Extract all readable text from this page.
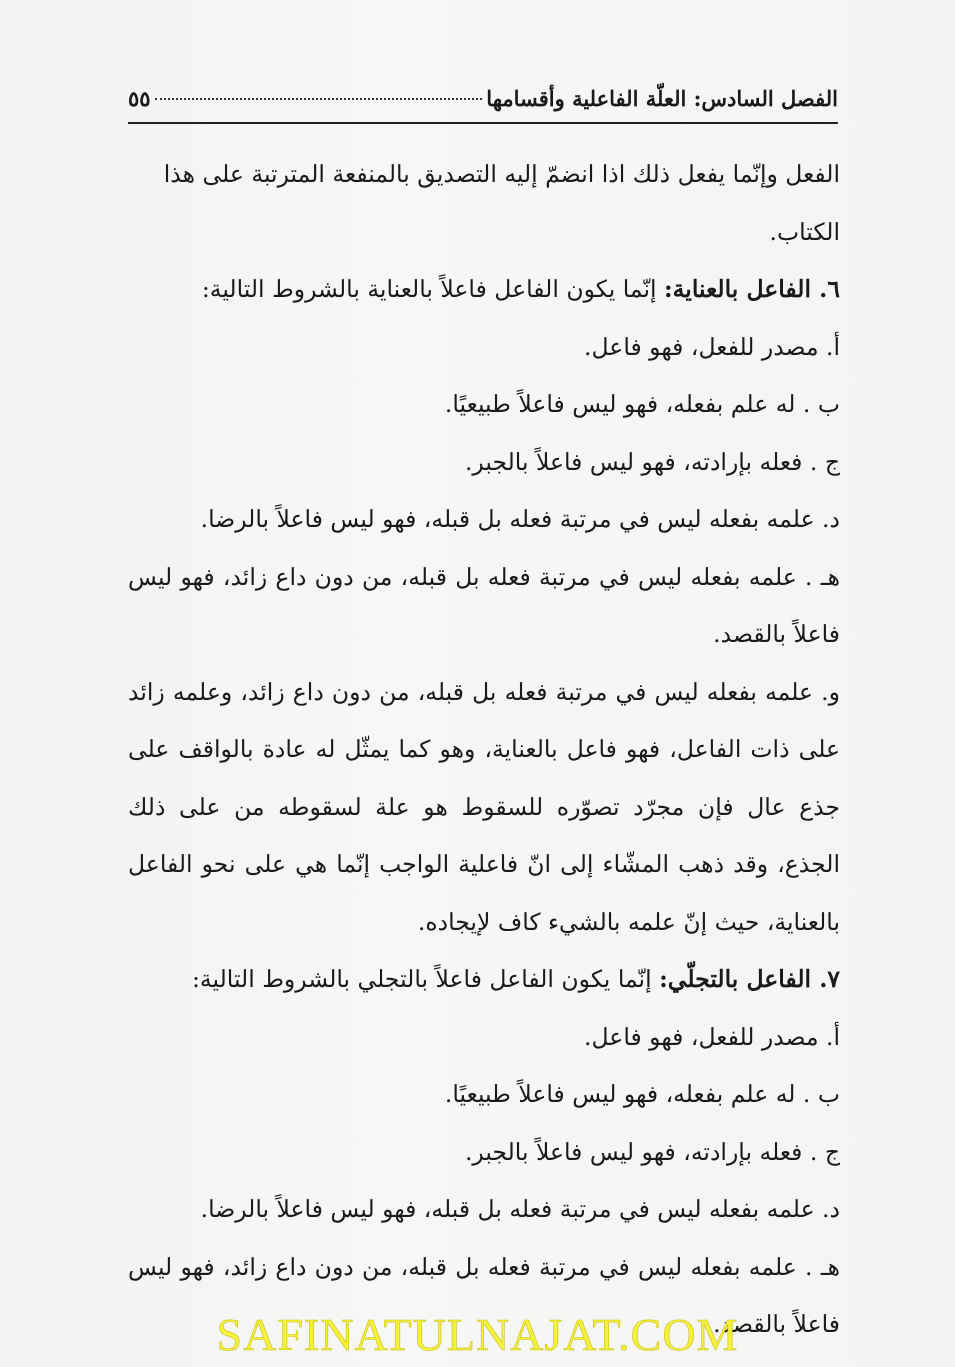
الفصل السادس: العلّة الفاعلية وأقسامها
٥٥

الفعل وإنّما يفعل ذلك اذا انضمّ إليه التصديق بالمنفعة المترتبة على هذا
الكتاب.

٦. الفاعل بالعناية: إنّما يكون الفاعل فاعلاً بالعناية بالشروط التالية:

أ. مصدر للفعل، فهو فاعل.

ب . له علم بفعله، فهو ليس فاعلاً طبيعيًا.

ج . فعله بإرادته، فهو ليس فاعلاً بالجبر.

د. علمه بفعله ليس في مرتبة فعله بل قبله، فهو ليس فاعلاً بالرضا.

هـ . علمه بفعله ليس في مرتبة فعله بل قبله، من دون داع زائد، فهو ليس فاعلاً بالقصد.

و. علمه بفعله ليس في مرتبة فعله بل قبله، من دون داع زائد، وعلمه زائد على ذات الفاعل، فهو فاعل بالعناية، وهو كما يمثّل له عادة بالواقف على جذع عال فإن مجرّد تصوّره للسقوط هو علة لسقوطه من على ذلك الجذع، وقد ذهب المشّاء إلى انّ فاعلية الواجب إنّما هي على نحو الفاعل بالعناية، حيث إنّ علمه بالشيء كاف لإيجاده.

٧. الفاعل بالتجلّي: إنّما يكون الفاعل فاعلاً بالتجلي بالشروط التالية:

أ. مصدر للفعل، فهو فاعل.

ب . له علم بفعله، فهو ليس فاعلاً طبيعيًا.

ج . فعله بإرادته، فهو ليس فاعلاً بالجبر.

د. علمه بفعله ليس في مرتبة فعله بل قبله، فهو ليس فاعلاً بالرضا.

هـ . علمه بفعله ليس في مرتبة فعله بل قبله، من دون داع زائد، فهو ليس فاعلاً بالقصد.

SAFINATULNAJAT.COM
